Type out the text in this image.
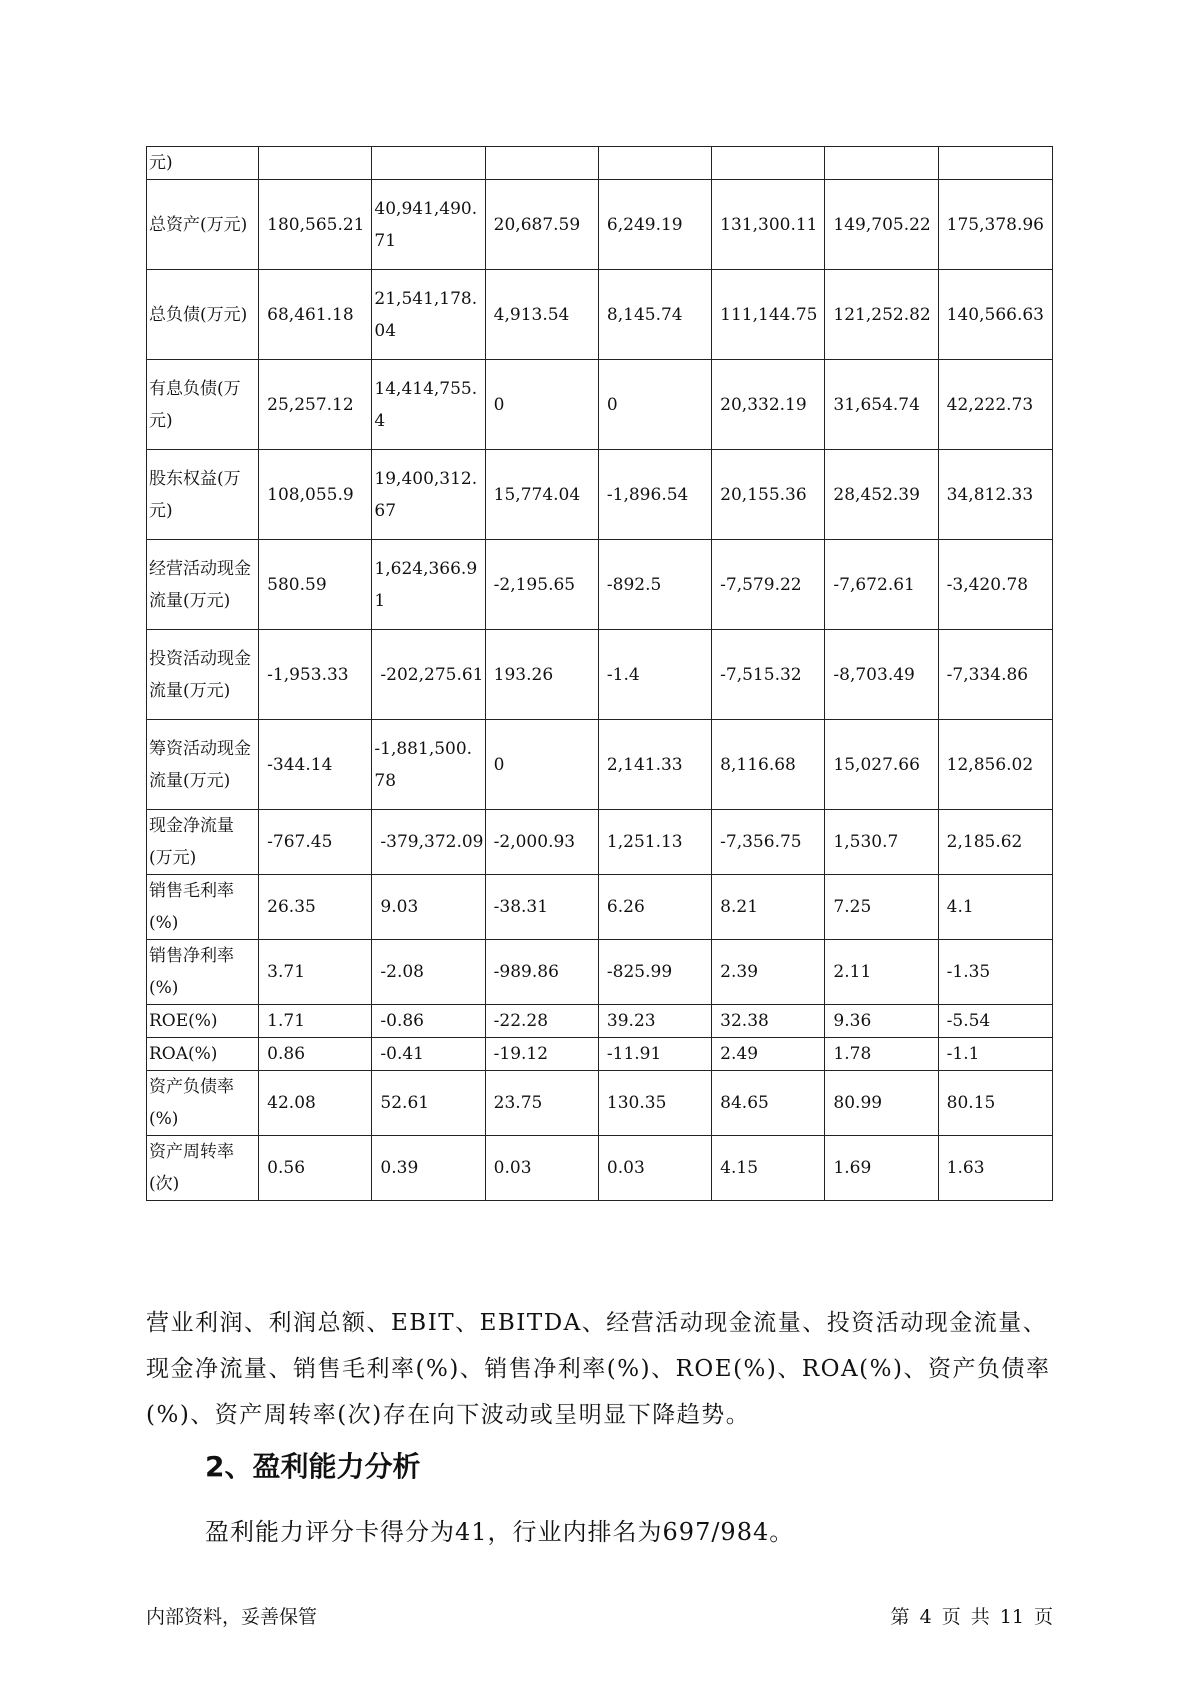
元)							
总资产(万元)	180,565.21	40,941,490.71	20,687.59	6,249.19	131,300.11	149,705.22	175,378.96
总负债(万元)	68,461.18	21,541,178.04	4,913.54	8,145.74	111,144.75	121,252.82	140,566.63
有息负债(万元)	25,257.12	14,414,755.4	0	0	20,332.19	31,654.74	42,222.73
股东权益(万元)	108,055.9	19,400,312.67	15,774.04	-1,896.54	20,155.36	28,452.39	34,812.33
经营活动现金流量(万元)	580.59	1,624,366.91	-2,195.65	-892.5	-7,579.22	-7,672.61	-3,420.78
投资活动现金流量(万元)	-1,953.33	-202,275.61	193.26	-1.4	-7,515.32	-8,703.49	-7,334.86
筹资活动现金流量(万元)	-344.14	-1,881,500.78	0	2,141.33	8,116.68	15,027.66	12,856.02
现金净流量(万元)	-767.45	-379,372.09	-2,000.93	1,251.13	-7,356.75	1,530.7	2,185.62
销售毛利率(%)	26.35	9.03	-38.31	6.26	8.21	7.25	4.1
销售净利率(%)	3.71	-2.08	-989.86	-825.99	2.39	2.11	-1.35
ROE(%)	1.71	-0.86	-22.28	39.23	32.38	9.36	-5.54
ROA(%)	0.86	-0.41	-19.12	-11.91	2.49	1.78	-1.1
资产负债率(%)	42.08	52.61	23.75	130.35	84.65	80.99	80.15
资产周转率(次)	0.56	0.39	0.03	0.03	4.15	1.69	1.63

营业利润、利润总额、EBIT、EBITDA、经营活动现金流量、投资活动现金流量、现金净流量、销售毛利率(%)、销售净利率(%)、ROE(%)、ROA(%)、资产负债率(%)、资产周转率(次)存在向下波动或呈明显下降趋势。

2、盈利能力分析

盈利能力评分卡得分为41，行业内排名为697/984。

内部资料，妥善保管	第 4 页 共 11 页
